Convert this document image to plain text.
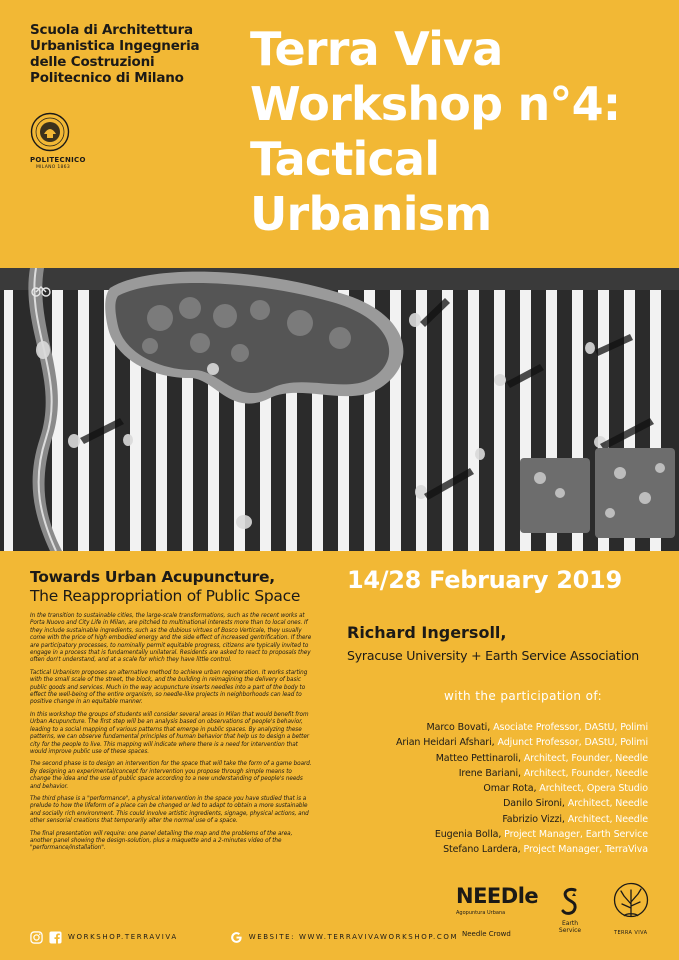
Scuola di Architettura
Urbanistica Ingegneria
delle Costruzioni
Politecnico di Milano
POLITECNICO
MILANO 1863
Terra Viva
Workshop n°4:
Tactical
Urbanism
Towards Urban Acupuncture,
The Reappropriation of Public Space

In the transition to sustainable cities, the large-scale transformations, such as the recent works at Porta Nuovo and City Life in Milan, are pitched to multinational interests more than to local ones. If they include sustainable ingredients, such as the dubious virtues of Bosco Verticale, they usually come with the price of high embodied energy and the side effect of increased gentrification. If there are participatory processes, to nominally permit equitable progress, citizens are typically invited to engage in a process that is fundamentally unilateral. Residents are asked to react to proposals they often don't understand, and at a scale for which they have little control.

Tactical Urbanism proposes an alternative method to achieve urban regeneration. It works starting with the small scale of the street, the block, and the building in reimagining the delivery of basic public goods and services. Much in the way acupuncture inserts needles into a part of the body to effect the well-being of the entire organism, so needle-like projects in neighborhoods can lead to positive change in an equitable manner.

In this workshop the groups of students will consider several areas in Milan that would benefit from Urban Acupuncture. The first step will be an analysis based on observations of people's behavior, leading to a social mapping of various patterns that emerge in public spaces. By analyzing these patterns, we can observe fundamental principles of human behavior that help us to design a better city for the people to live. This mapping will indicate where there is a need for intervention that would improve public use of these spaces.

The second phase is to design an intervention for the space that will take the form of a game board. By designing an experimental/concept for intervention you propose through simple means to change the idea and the use of public space according to a new understanding of people's needs and behavior.

The third phase is a "performance", a physical intervention in the space you have studied that is a prelude to how the lifeform of a place can be changed or led to adapt to obtain a more sustainable and socially rich environment. This could involve artistic ingredients, signage, physical actions, and other sensorial creations that temporarily alter the normal use of a space.

The final presentation will require: one panel detailing the map and the problems of the area, another panel showing the design-solution, plus a maquette and a 2-minutes video of the "performance/installation".

14/28 February 2019
Richard Ingersoll,
Syracuse University + Earth Service Association
with the participation of:
Marco Bovati, Asociate Professor, DAStU, Polimi
Arian Heidari Afshari, Adjunct Professor, DAStU, Polimi
Matteo Pettinaroli, Architect, Founder, Needle
Irene Bariani, Architect, Founder, Needle
Omar Rota, Architect, Opera Studio
Danilo Sironi, Architect, Needle
Fabrizio Vizzi, Architect, Needle
Eugenia Bolla, Project Manager, Earth Service
Stefano Lardera, Project Manager, TerraViva
WORKSHOP.TERRAVIVA	WEBSITE: WWW.TERRAVIVAWORKSHOP.COM
NEEDle
Agopuntura Urbana
Needle Crowd
Earth Service	TERRA VIVA
